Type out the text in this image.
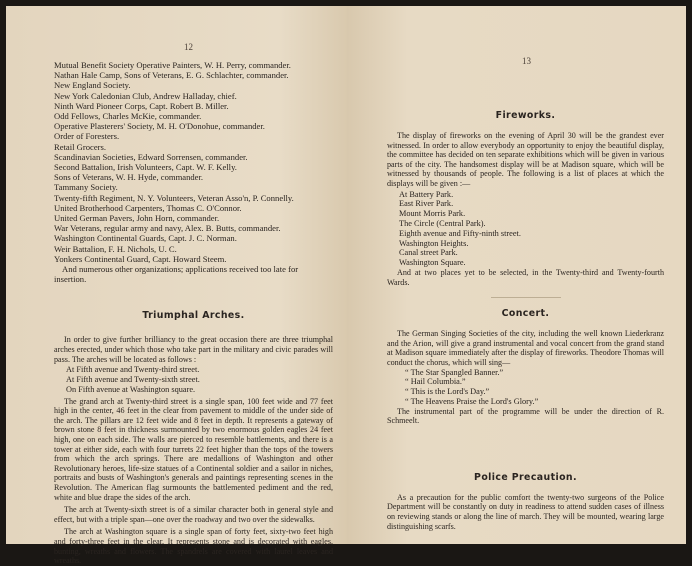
12
Mutual Benefit Society Operative Painters, W. H. Perry, commander.
Nathan Hale Camp, Sons of Veterans, E. G. Schlachter, commander.
New England Society.
New York Caledonian Club, Andrew Halladay, chief.
Ninth Ward Pioneer Corps, Capt. Robert B. Miller.
Odd Fellows, Charles McKie, commander.
Operative Plasterers' Society, M. H. O'Donohue, commander.
Order of Foresters.
Retail Grocers.
Scandinavian Societies, Edward Sorrensen, commander.
Second Battalion, Irish Volunteers, Capt. W. F. Kelly.
Sons of Veterans, W. H. Hyde, commander.
Tammany Society.
Twenty-fifth Regiment, N. Y. Volunteers, Veteran Asso'n, P. Connelly.
United Brotherhood Carpenters, Thomas C. O'Connor.
United German Pavers, John Horn, commander.
War Veterans, regular army and navy, Alex. B. Butts, commander.
Washington Continental Guards, Capt. J. C. Norman.
Weir Battalion, F. H. Nichols, U. C.
Yonkers Continental Guard, Capt. Howard Steem.
And numerous other organizations; applications received too late for
insertion.
Triumphal Arches.

In order to give further brilliancy to the great occasion there are three triumphal arches erected, under which those who take part in the military and civic parades will pass. The arches will be located as follows :

At Fifth avenue and Twenty-third street.
At Fifth avenue and Twenty-sixth street.
On Fifth avenue at Washington square.

The grand arch at Twenty-third street is a single span, 100 feet wide and 77 feet high in the center, 46 feet in the clear from pavement to middle of the under side of the arch. The pillars are 12 feet wide and 8 feet in depth. It represents a gateway of brown stone 8 feet in thickness surmounted by two enormous golden eagles 24 feet high, one on each side. The walls are pierced to resemble battlements, and there is a tower at either side, each with four turrets 22 feet higher than the tops of the towers from which the arch springs. There are medallions of Washington and other Revolutionary heroes, life-size statues of a Continental soldier and a sailor in niches, portraits and busts of Washington's generals and paintings representing scenes in the Revolution. The American flag surmounts the battlemented pediment and the red, white and blue drape the sides of the arch.

The arch at Twenty-sixth street is of a similar character both in general style and effect, but with a triple span—one over the roadway and two over the sidewalks.

The arch at Washington square is a single span of forty feet, sixty-two feet high and forty-three feet in the clear. It represents stone and is decorated with eagles, bunting, wreaths and flowers. The spandrels are covered with laurel leaves and wreaths.

13
Fireworks.

The display of fireworks on the evening of April 30 will be the grandest ever witnessed. In order to allow everybody an opportunity to enjoy the beautiful display, the committee has decided on ten separate exhibitions which will be given in various parts of the city. The handsomest display will be at Madison square, which will be witnessed by thousands of people. The following is a list of places at which the displays will be given :—

At Battery Park.
East River Park.
Mount Morris Park.
The Circle (Central Park).
Eighth avenue and Fifty-ninth street.
Washington Heights.
Canal street Park.
Washington Square.

And at two places yet to be selected, in the Twenty-third and Twenty-fourth Wards.

Concert.

The German Singing Societies of the city, including the well known Liederkranz and the Arion, will give a grand instrumental and vocal concert from the grand stand at Madison square immediately after the display of fireworks. Theodore Thomas will conduct the chorus, which will sing—

“ The Star Spangled Banner.”
“ Hail Columbia.”
“ This is the Lord's Day.”
“ The Heavens Praise the Lord's Glory.”

The instrumental part of the programme will be under the direction of R. Schmeelt.

Police Precaution.

As a precaution for the public comfort the twenty-two surgeons of the Police Department will be constantly on duty in readiness to attend sudden cases of illness on reviewing stands or along the line of march. They will be mounted, wearing large distinguishing scarfs.
